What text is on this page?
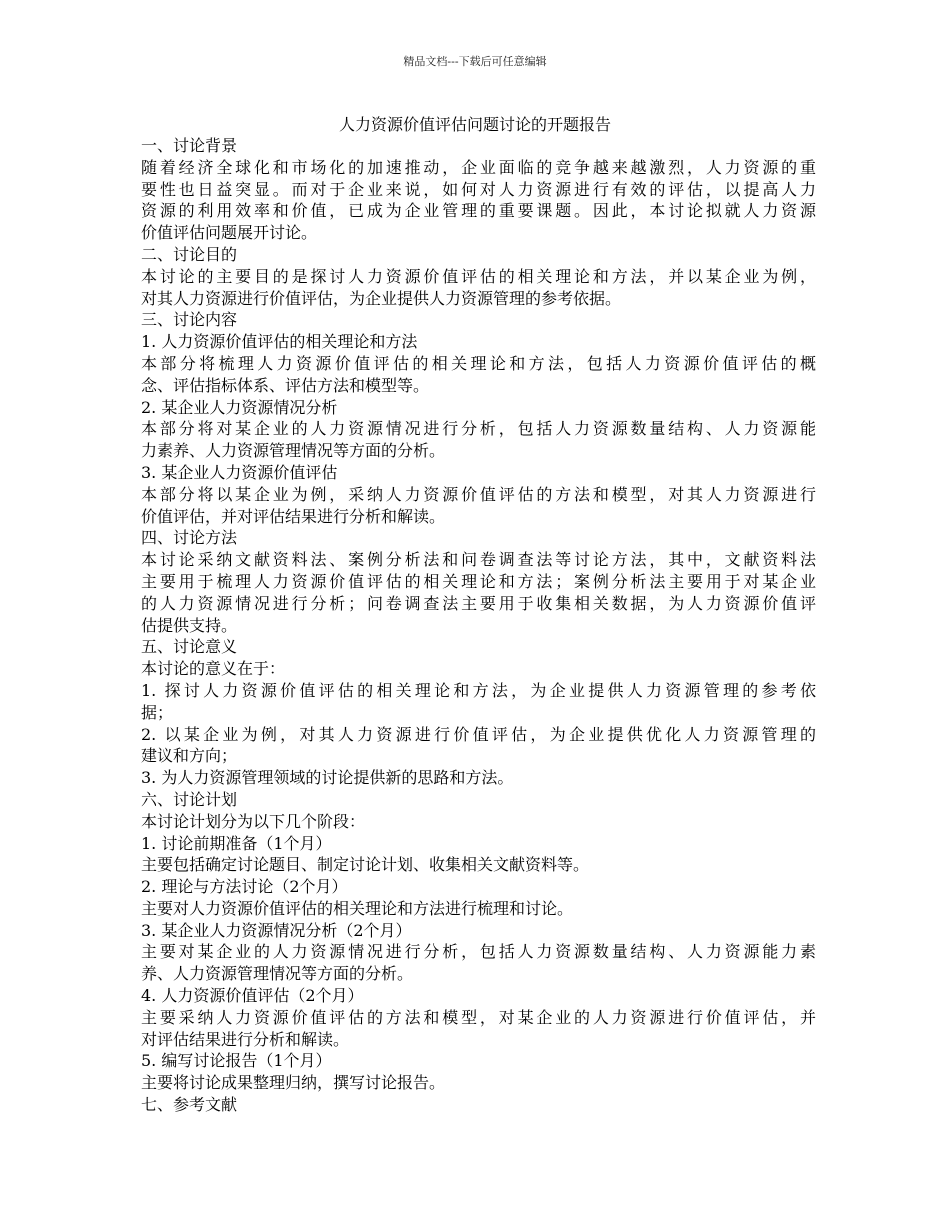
精品文档---下载后可任意编辑
人力资源价值评估问题讨论的开题报告
一、讨论背景
随着经济全球化和市场化的加速推动，企业面临的竞争越来越激烈，人力资源的重
要性也日益突显。而对于企业来说，如何对人力资源进行有效的评估，以提高人力
资源的利用效率和价值，已成为企业管理的重要课题。因此，本讨论拟就人力资源
价值评估问题展开讨论。
二、讨论目的
本讨论的主要目的是探讨人力资源价值评估的相关理论和方法，并以某企业为例，
对其人力资源进行价值评估，为企业提供人力资源管理的参考依据。
三、讨论内容
1. 人力资源价值评估的相关理论和方法
本部分将梳理人力资源价值评估的相关理论和方法，包括人力资源价值评估的概
念、评估指标体系、评估方法和模型等。
2. 某企业人力资源情况分析
本部分将对某企业的人力资源情况进行分析，包括人力资源数量结构、人力资源能
力素养、人力资源管理情况等方面的分析。
3. 某企业人力资源价值评估
本部分将以某企业为例，采纳人力资源价值评估的方法和模型，对其人力资源进行
价值评估，并对评估结果进行分析和解读。
四、讨论方法
本讨论采纳文献资料法、案例分析法和问卷调查法等讨论方法，其中，文献资料法
主要用于梳理人力资源价值评估的相关理论和方法；案例分析法主要用于对某企业
的人力资源情况进行分析；问卷调查法主要用于收集相关数据，为人力资源价值评
估提供支持。
五、讨论意义
本讨论的意义在于：
1. 探讨人力资源价值评估的相关理论和方法，为企业提供人力资源管理的参考依
据；
2. 以某企业为例，对其人力资源进行价值评估，为企业提供优化人力资源管理的
建议和方向；
3. 为人力资源管理领域的讨论提供新的思路和方法。
六、讨论计划
本讨论计划分为以下几个阶段：
1. 讨论前期准备（1个月）
主要包括确定讨论题目、制定讨论计划、收集相关文献资料等。
2. 理论与方法讨论（2个月）
主要对人力资源价值评估的相关理论和方法进行梳理和讨论。
3. 某企业人力资源情况分析（2个月）
主要对某企业的人力资源情况进行分析，包括人力资源数量结构、人力资源能力素
养、人力资源管理情况等方面的分析。
4. 人力资源价值评估（2个月）
主要采纳人力资源价值评估的方法和模型，对某企业的人力资源进行价值评估，并
对评估结果进行分析和解读。
5. 编写讨论报告（1个月）
主要将讨论成果整理归纳，撰写讨论报告。
七、参考文献
